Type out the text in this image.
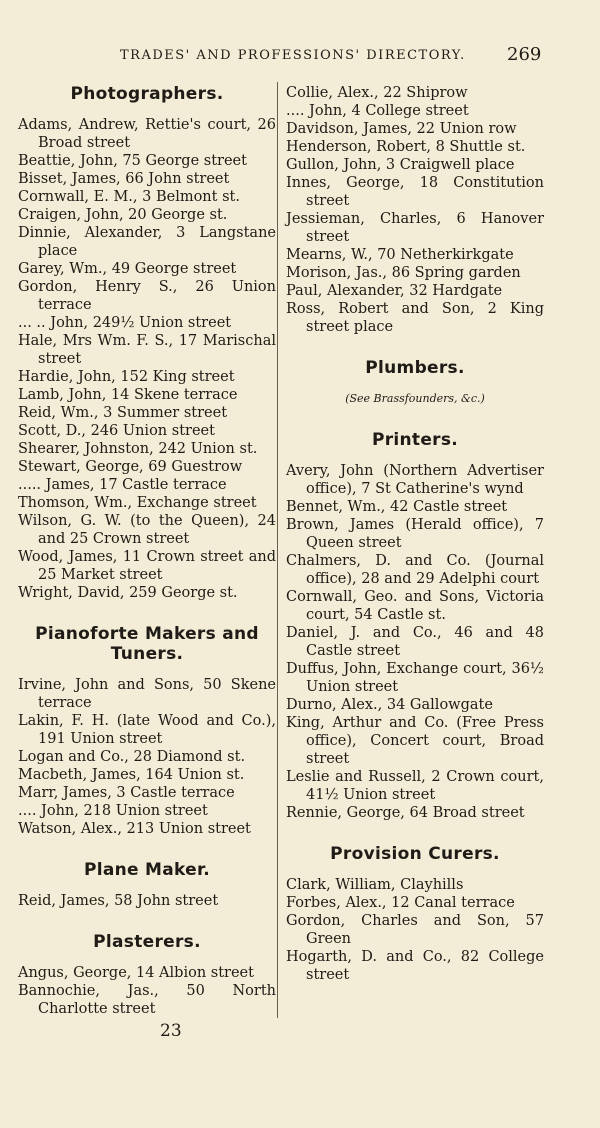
TRADES' AND PROFESSIONS' DIRECTORY. 269
Photographers.
Adams, Andrew, Rettie's court, 26 Broad street
Beattie, John, 75 George street
Bisset, James, 66 John street
Cornwall, E. M., 3 Belmont st.
Craigen, John, 20 George st.
Dinnie, Alexander, 3 Langstane place
Garey, Wm., 49 George street
Gordon, Henry S., 26 Union terrace
... .. John, 249½ Union street
Hale, Mrs Wm. F. S., 17 Marischal street
Hardie, John, 152 King street
Lamb, John, 14 Skene terrace
Reid, Wm., 3 Summer street
Scott, D., 246 Union street
Shearer, Johnston, 242 Union st.
Stewart, George, 69 Guestrow
..... James, 17 Castle terrace
Thomson, Wm., Exchange street
Wilson, G. W. (to the Queen), 24 and 25 Crown street
Wood, James, 11 Crown street and 25 Market street
Wright, David, 259 George st.
Pianoforte Makers and
Tuners.
Irvine, John and Sons, 50 Skene terrace
Lakin, F. H. (late Wood and Co.), 191 Union street
Logan and Co., 28 Diamond st.
Macbeth, James, 164 Union st.
Marr, James, 3 Castle terrace
.... John, 218 Union street
Watson, Alex., 213 Union street
Plane Maker.
Reid, James, 58 John street
Plasterers.
Angus, George, 14 Albion street
Bannochie, Jas., 50 North Charlotte street
23
Collie, Alex., 22 Shiprow
.... John, 4 College street
Davidson, James, 22 Union row
Henderson, Robert, 8 Shuttle st.
Gullon, John, 3 Craigwell place
Innes, George, 18 Constitution street
Jessieman, Charles, 6 Hanover street
Mearns, W., 70 Netherkirkgate
Morison, Jas., 86 Spring garden
Paul, Alexander, 32 Hardgate
Ross, Robert and Son, 2 King street place
Plumbers.
(See Brassfounders, &c.)
Printers.
Avery, John (Northern Advertiser office), 7 St Catherine's wynd
Bennet, Wm., 42 Castle street
Brown, James (Herald office), 7 Queen street
Chalmers, D. and Co. (Journal office), 28 and 29 Adelphi court
Cornwall, Geo. and Sons, Victoria court, 54 Castle st.
Daniel, J. and Co., 46 and 48 Castle street
Duffus, John, Exchange court, 36½ Union street
Durno, Alex., 34 Gallowgate
King, Arthur and Co. (Free Press office), Concert court, Broad street
Leslie and Russell, 2 Crown court, 41½ Union street
Rennie, George, 64 Broad street
Provision Curers.
Clark, William, Clayhills
Forbes, Alex., 12 Canal terrace
Gordon, Charles and Son, 57 Green
Hogarth, D. and Co., 82 College street
